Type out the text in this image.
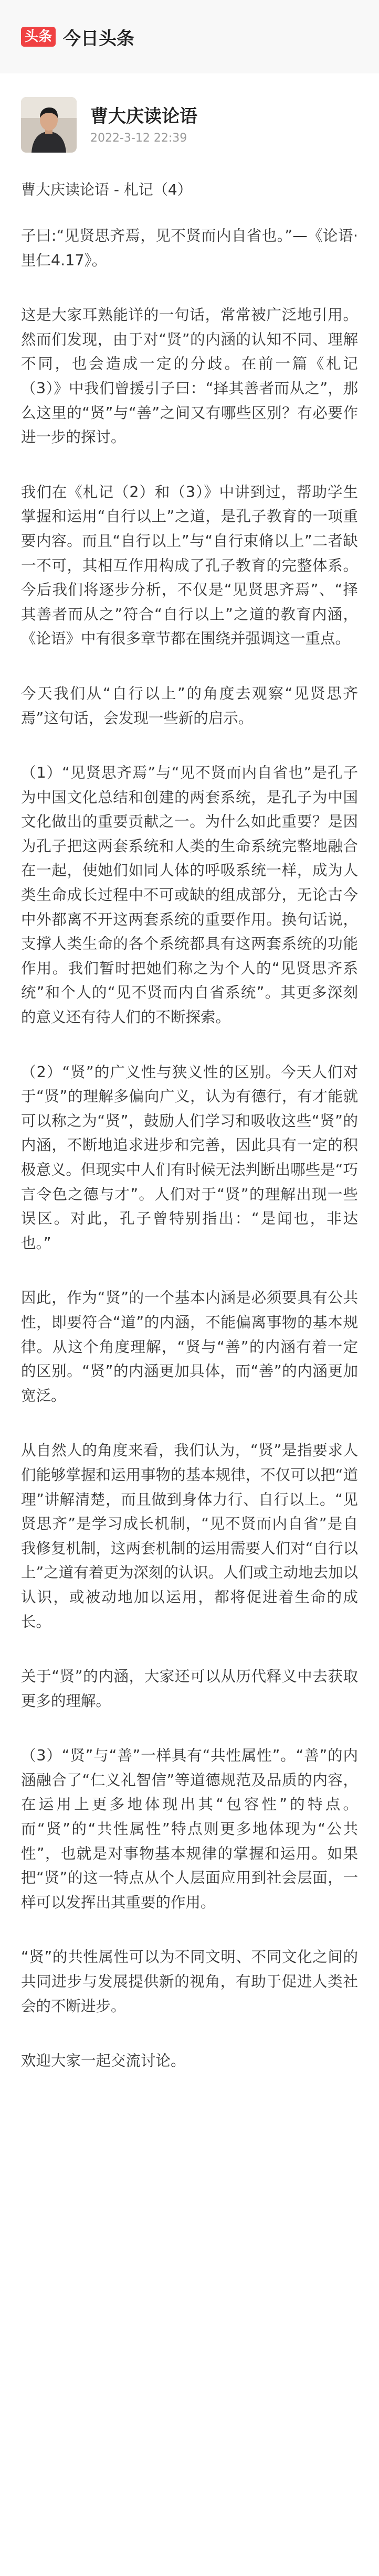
头条 今日头条
曹大庆读论语
2022-3-12 22:39
曹大庆读论语 - 札记（4）

子曰:“见贤思齐焉，见不贤而内自省也。”—《论语·里仁4.17》。

这是大家耳熟能详的一句话，常常被广泛地引用。然而们发现，由于对“贤”的内涵的认知不同、理解不同，也会造成一定的分歧。在前一篇《札记（3）》中我们曾援引子曰：“择其善者而从之”，那么这里的“贤”与“善”之间又有哪些区别？有必要作进一步的探讨。

我们在《札记（2）和（3）》中讲到过，帮助学生掌握和运用“自行以上”之道，是孔子教育的一项重要内容。而且“自行以上”与“自行束脩以上”二者缺一不可，其相互作用构成了孔子教育的完整体系。今后我们将逐步分析，不仅是“见贤思齐焉”、“择其善者而从之”符合“自行以上”之道的教育内涵，《论语》中有很多章节都在围绕并强调这一重点。

今天我们从“自行以上”的角度去观察“见贤思齐焉”这句话，会发现一些新的启示。

（1）“见贤思齐焉”与“见不贤而内自省也”是孔子为中国文化总结和创建的两套系统，是孔子为中国文化做出的重要贡献之一。为什么如此重要？是因为孔子把这两套系统和人类的生命系统完整地融合在一起，使她们如同人体的呼吸系统一样，成为人类生命成长过程中不可或缺的组成部分，无论古今中外都离不开这两套系统的重要作用。换句话说，支撑人类生命的各个系统都具有这两套系统的功能作用。我们暂时把她们称之为个人的“见贤思齐系统”和个人的“见不贤而内自省系统”。其更多深刻的意义还有待人们的不断探索。

（2）“贤”的广义性与狭义性的区别。今天人们对于“贤”的理解多偏向广义，认为有德行，有才能就可以称之为“贤”，鼓励人们学习和吸收这些“贤”的内涵，不断地追求进步和完善，因此具有一定的积极意义。但现实中人们有时候无法判断出哪些是“巧言令色之德与才”。人们对于“贤”的理解出现一些误区。对此，孔子曾特别指出：“是闻也，非达也。”

因此，作为“贤”的一个基本内涵是必须要具有公共性，即要符合“道”的内涵，不能偏离事物的基本规律。从这个角度理解，“贤与“善”的内涵有着一定的区别。“贤”的内涵更加具体，而“善”的内涵更加宽泛。

从自然人的角度来看，我们认为，“贤”是指要求人们能够掌握和运用事物的基本规律，不仅可以把“道理”讲解清楚，而且做到身体力行、自行以上。“见贤思齐”是学习成长机制，“见不贤而内自省”是自我修复机制，这两套机制的运用需要人们对“自行以上”之道有着更为深刻的认识。人们或主动地去加以认识，或被动地加以运用，都将促进着生命的成长。

关于“贤”的内涵，大家还可以从历代释义中去获取更多的理解。

（3）“贤”与“善”一样具有“共性属性”。“善”的内涵融合了“仁义礼智信”等道德规范及品质的内容，在运用上更多地体现出其“包容性”的特点。而“贤”的“共性属性”特点则更多地体现为“公共性”，也就是对事物基本规律的掌握和运用。如果把“贤”的这一特点从个人层面应用到社会层面，一样可以发挥出其重要的作用。

“贤”的共性属性可以为不同文明、不同文化之间的共同进步与发展提供新的视角，有助于促进人类社会的不断进步。

欢迎大家一起交流讨论。
